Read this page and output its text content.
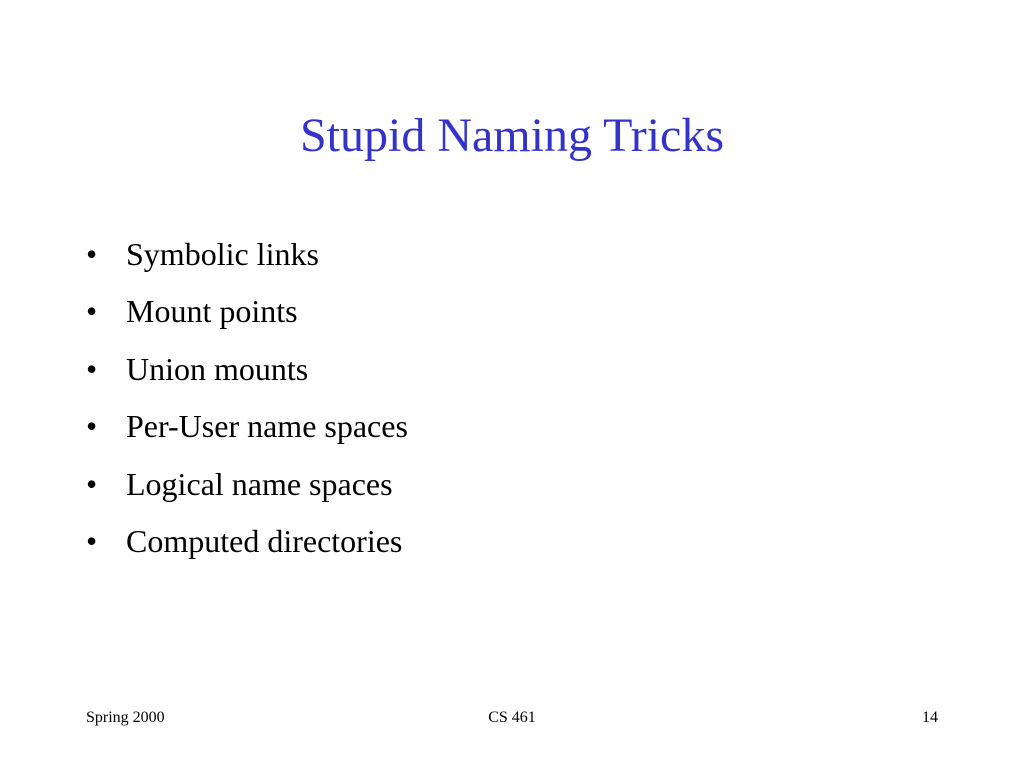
Stupid Naming Tricks
• Symbolic links
• Mount points
• Union mounts
• Per-User name spaces
• Logical name spaces
• Computed directories
Spring 2000	CS 461	14
